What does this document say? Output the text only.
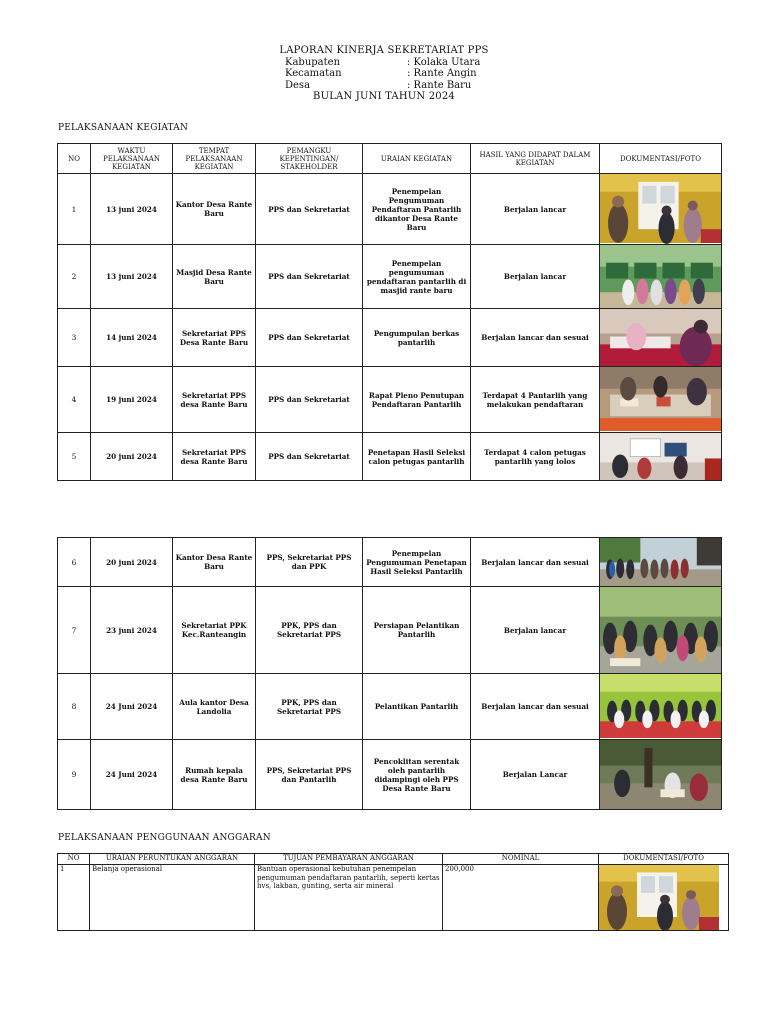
LAPORAN KINERJA SEKRETARIAT PPS
Kabupaten	: Kolaka Utara
Kecamatan	: Rante Angin
Desa	: Rante Baru
BULAN JUNI TAHUN 2024
PELAKSANAAN KEGIATAN
NO	WAKTU PELAKSANAAN KEGIATAN	TEMPAT PELAKSANAAN KEGIATAN	PEMANGKU KEPENTINGAN/ STAKEHOLDER	URAIAN KEGIATAN	HASIL YANG DIDAPAT DALAM KEGIATAN	DOKUMENTASI/FOTO
1	13 juni 2024	Kantor Desa Rante Baru	PPS dan Sekretariat	Penempelan Pengumuman Pendaftaran Pantarlih dikantor Desa Rante Baru	Berjalan lancar	

2	13 juni 2024	Masjid Desa Rante Baru	PPS dan Sekretariat	Penempelan pengumuman pendaftaran pantarlih di masjid rante baru	Berjalan lancar	

3	14 juni 2024	Sekretariat PPS Desa Rante Baru	PPS dan Sekretariat	Pengumpulan berkas pantarlih	Berjalan lancar dan sesuai	

4	19 juni 2024	Sekretariat PPS desa Rante Baru	PPS dan Sekretariat	Rapat Pleno Penutupan Pendaftaran Pantarlih	Terdapat 4 Pantarlih yang melakukan pendaftaran	

5	20 juni 2024	Sekretariat PPS desa Rante Baru	PPS dan Sekretariat	Penetapan Hasil Seleksi calon petugas pantarlih	Terdapat 4 calon petugas pantarlih yang lolos	
6	20 juni 2024	Kantor Desa Rante Baru	PPS, Sekretariat PPS dan PPK	Penempelan Pengumuman Penetapan Hasil Seleksi Pantarlih	Berjalan lancar dan sesuai	

7	23 juni 2024	Sekretariat PPK Kec.Ranteangin	PPK, PPS dan Sekretariat PPS	Persiapan Pelantikan Pantarlih	Berjalan lancar	

8	24 Juni 2024	Aula kantor Desa Landolia	PPK, PPS dan Sekretariat PPS	Pelantikan Pantarlih	Berjalan lancar dan sesuai	

9	24 Juni 2024	Rumah kepala desa Rante Baru	PPS, Sekretariat PPS dan Pantarlih	Pencoklitan serentak oleh pantarlih didampingi oleh PPS Desa Rante Baru	Berjalan Lancar	
PELAKSANAAN PENGGUNAAN ANGGARAN
NO	URAIAN PERUNTUKAN ANGGARAN	TUJUAN PEMBAYARAN ANGGARAN	NOMINAL	DOKUMENTASI/FOTO
1	Belanja operasional	Bantuan operasional kebutuhan penempelan pengumuman pendaftaran pantarlih, seperti kertas hvs, lakban, gunting, serta air mineral	200,000	
